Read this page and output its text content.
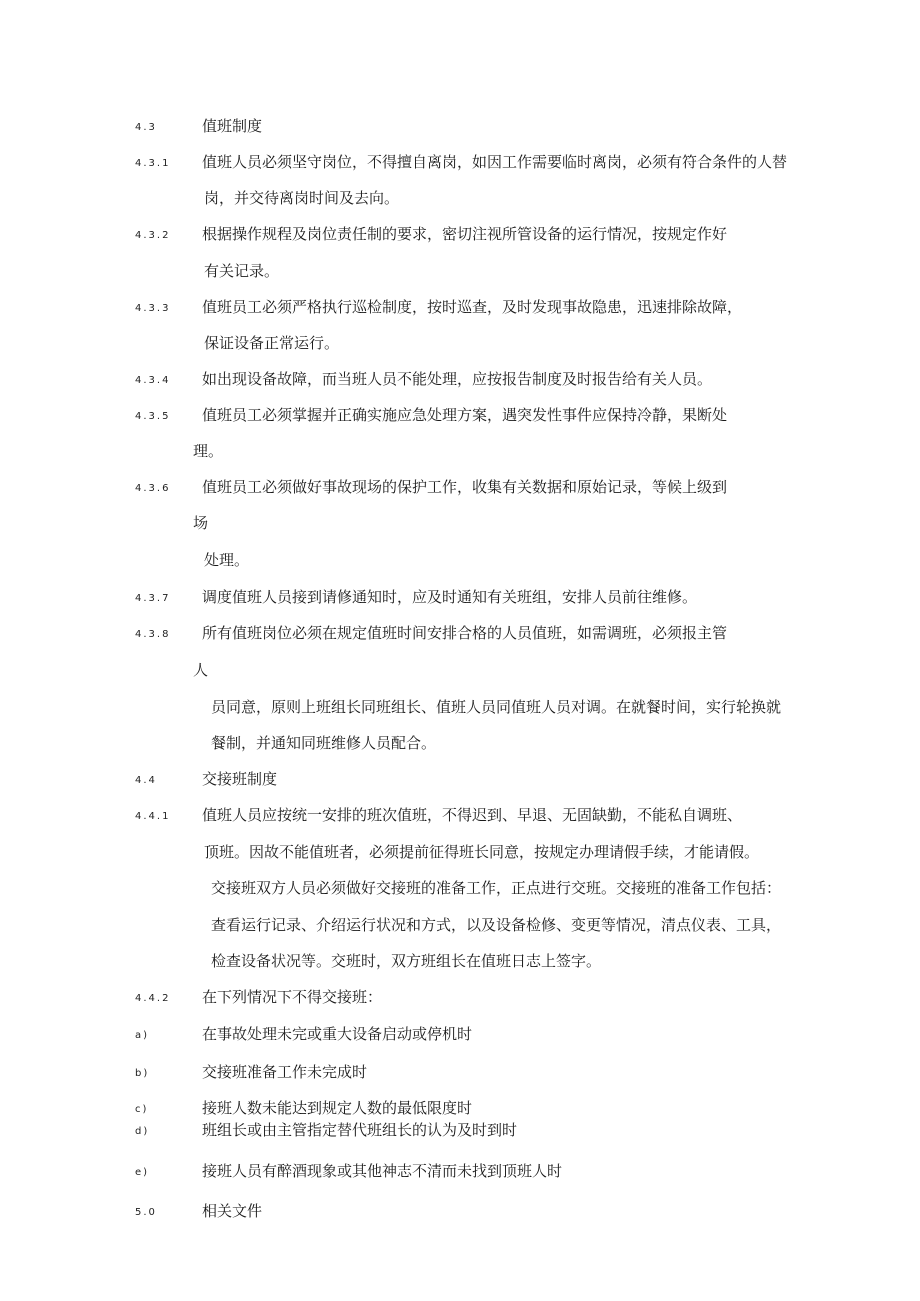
4.3	值班制度
4.3.1 值班人员必须坚守岗位，不得擅自离岗，如因工作需要临时离岗，必须有符合条件的人替
岗，并交待离岗时间及去向。
4.3.2 根据操作规程及岗位责任制的要求，密切注视所管设备的运行情况，按规定作好
有关记录。
4.3.3 值班员工必须严格执行巡检制度，按时巡查，及时发现事故隐患，迅速排除故障，
保证设备正常运行。
4.3.4 如出现设备故障，而当班人员不能处理，应按报告制度及时报告给有关人员。
4.3.5 值班员工必须掌握并正确实施应急处理方案，遇突发性事件应保持冷静，果断处
理。
4.3.6 值班员工必须做好事故现场的保护工作，收集有关数据和原始记录，等候上级到
场
处理。
4.3.7 调度值班人员接到请修通知时，应及时通知有关班组，安排人员前往维修。
4.3.8 所有值班岗位必须在规定值班时间安排合格的人员值班，如需调班，必须报主管
人
员同意，原则上班组长同班组长、值班人员同值班人员对调。在就餐时间，实行轮换就
餐制，并通知同班维修人员配合。
4.4	交接班制度
4.4.1 值班人员应按统一安排的班次值班，不得迟到、早退、无固缺勤，不能私自调班、
顶班。因故不能值班者，必须提前征得班长同意，按规定办理请假手续，才能请假。
交接班双方人员必须做好交接班的准备工作，正点进行交班。交接班的准备工作包括：
查看运行记录、介绍运行状况和方式，以及设备检修、变更等情况，清点仪表、工具，
检查设备状况等。交班时，双方班组长在值班日志上签字。
4.4.2 在下列情况下不得交接班：
a)	在事故处理未完或重大设备启动或停机时
b)	交接班准备工作未完成时
c)	接班人数未能达到规定人数的最低限度时
d)	班组长或由主管指定替代班组长的认为及时到时
e)	接班人员有醉酒现象或其他神志不清而未找到顶班人时
5.0	相关文件
